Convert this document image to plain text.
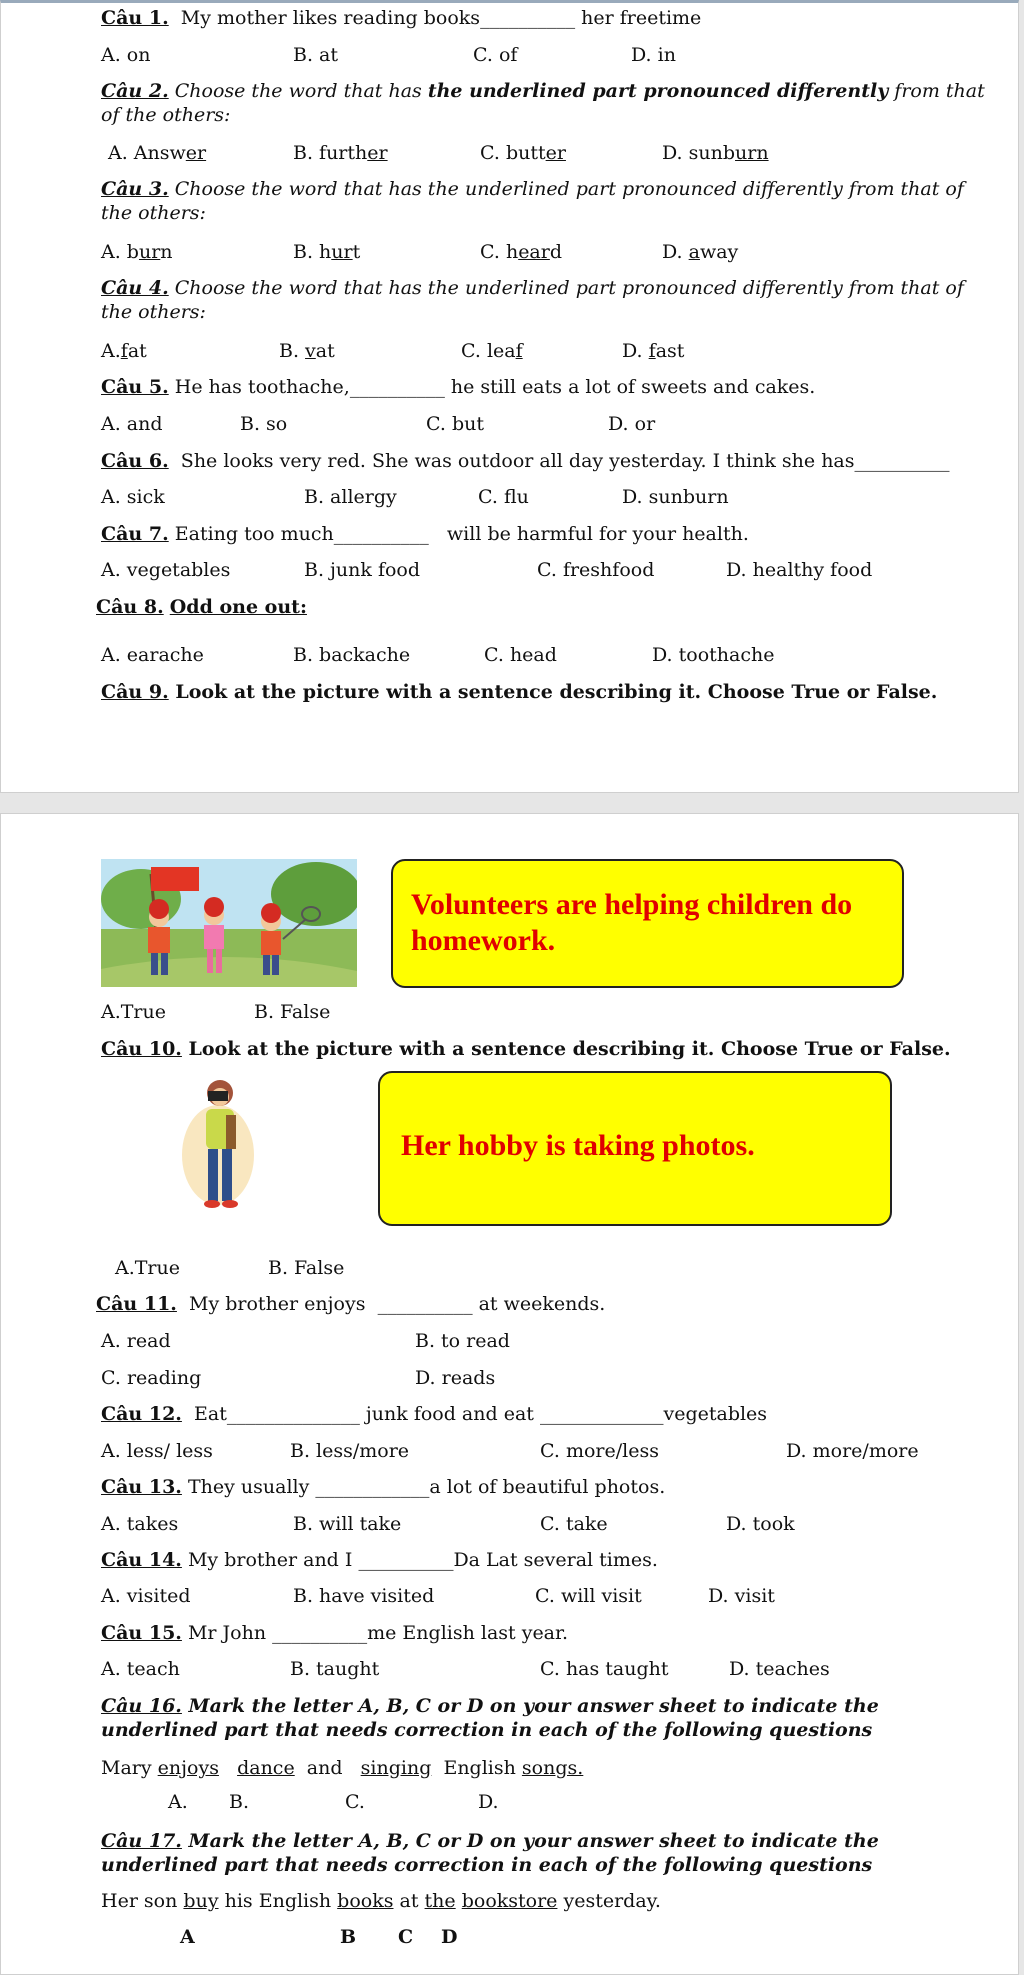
Câu 1. My mother likes reading books__________ her freetime
A. on	B. at	C. of	D. in
Câu 2. Choose the word that has the underlined part pronounced differently from that of the others:
A. Answer	B. further	C. butter	D. sunburn
Câu 3. Choose the word that has the underlined part pronounced differently from that of the others:
A. burn	B. hurt	C. heard	D. away
Câu 4. Choose the word that has the underlined part pronounced differently from that of the others:
A.fat	B. vat	C. leaf	D. fast
Câu 5. He has toothache,__________ he still eats a lot of sweets and cakes.
A. and	B. so	C. but	D. or
Câu 6. She looks very red. She was outdoor all day yesterday. I think she has__________
A. sick	B. allergy	C. flu	D. sunburn
Câu 7. Eating too much__________ will be harmful for your health.
A. vegetables	B. junk food	C. freshfood	D. healthy food
Câu 8. Odd one out:
A. earache	B. backache	C. head	D. toothache
Câu 9. Look at the picture with a sentence describing it. Choose True or False.
Volunteers are helping children do homework.
A.True	B. False
Câu 10. Look at the picture with a sentence describing it. Choose True or False.
Her hobby is taking photos.
A.True	B. False
Câu 11. My brother enjoys __________ at weekends.
A. read	B. to read
C. reading	D. reads
Câu 12. Eat______________ junk food and eat _____________vegetables
A. less/ less	B. less/more	C. more/less	D. more/more
Câu 13. They usually ____________a lot of beautiful photos.
A. takes	B. will take	C. take	D. took
Câu 14. My brother and I __________Da Lat several times.
A. visited	B. have visited	C. will visit	D. visit
Câu 15. Mr John __________me English last year.
A. teach	B. taught	C. has taught	D. teaches
Câu 16. Mark the letter A, B, C or D on your answer sheet to indicate the underlined part that needs correction in each of the following questions
Mary enjoys dance and singing English songs.
A. B.	C.	D.
Câu 17. Mark the letter A, B, C or D on your answer sheet to indicate the underlined part that needs correction in each of the following questions
Her son buy his English books at the bookstore yesterday.
A	B C D
